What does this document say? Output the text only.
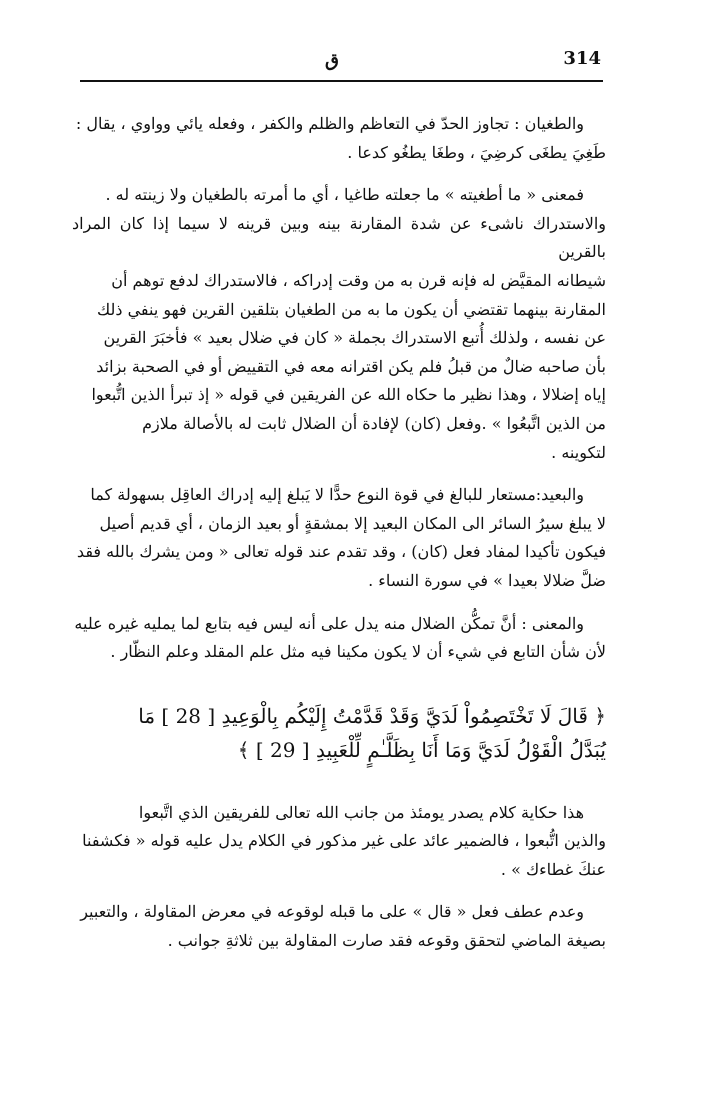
ق	314

والطغيان : تجاوز الحدّ في التعاظم والظلم والكفر ، وفعله يائي وواوي ، يقال :

طَغِيَ يطغَى كرضِيَ ، وطغَا يطغُو كدعا .

فمعنى « ما أطغيته » ما جعلته طاغيا ، أي ما أمرته بالطغيان ولا زينته له .

والاستدراك ناشىء عن شدة المقارنة بينه وبين قرينه لا سيما إذا كان المراد بالقرين

شيطانه المقيَّض له فإنه قرن به من وقت إدراكه ، فالاستدراك لدفع توهم أن

المقارنة بينهما تقتضي أن يكون ما به من الطغيان بتلقين القرين فهو ينفي ذلك

عن نفسه ، ولذلك أُتبع الاستدراك بجملة « كان في ضلال بعيد » فأخبَرَ القرين

بأن صاحبه ضالٌ من قبلُ فلم يكن اقترانه معه في التقييض أو في الصحبة بزائد

إياه إضلالا ، وهذا نظير ما حكاه الله عن الفريقين في قوله « إذ تبرأ الذين اتُّبعوا

من الذين اتَّبعُوا » .وفعل (كان) لإفادة أن الضلال ثابت له بالأصالة ملازم

لتكوينه .

والبعيد:مستعار للبالغ في قوة النوع حدًّا لا يَبلغ إليه إدراك العاقِل بسهولة كما

لا يبلغ سيرُ السائر الى المكان البعيد إلا بمشقةٍ أو بعيد الزمان ، أي قديم أصيل

فيكون تأكيدا لمفاد فعل (كان) ، وقد تقدم عند قوله تعالى « ومن يشرك بالله فقد

ضلَّ ضلالا بعيدا » في سورة النساء .

والمعنى : أنَّ تمكُّن الضلال منه يدل على أنه ليس فيه بتابع لما يمليه غيره عليه

لأن شأن التابع في شيء أن لا يكون مكينا فيه مثل علم المقلد وعلم النظّار .

﴿ قَالَ لَا تَخْتَصِمُواْ لَدَيَّ وَقَدْ قَدَّمْتُ إِلَيْكُم بِالْوَعِيدِ [ 28 ] مَا

يُبَدَّلُ الْقَوْلُ لَدَيَّ وَمَا أَنَا بِظَلَّـٰمٍ لِّلْعَبِيدِ [ 29 ] ﴾

هذا حكاية كلام يصدر يومئذ من جانب الله تعالى للفريقين الذي اتَّبعوا

والذين اتُّبعوا ، فالضمير عائد على غير مذكور في الكلام يدل عليه قوله « فكشفنا

عنكَ غطاءك » .

وعدم عطف فعل « قال » على ما قبله لوقوعه في معرض المقاولة ، والتعبير

بصيغة الماضي لتحقق وقوعه فقد صارت المقاولة بين ثلاثةِ جوانب .
